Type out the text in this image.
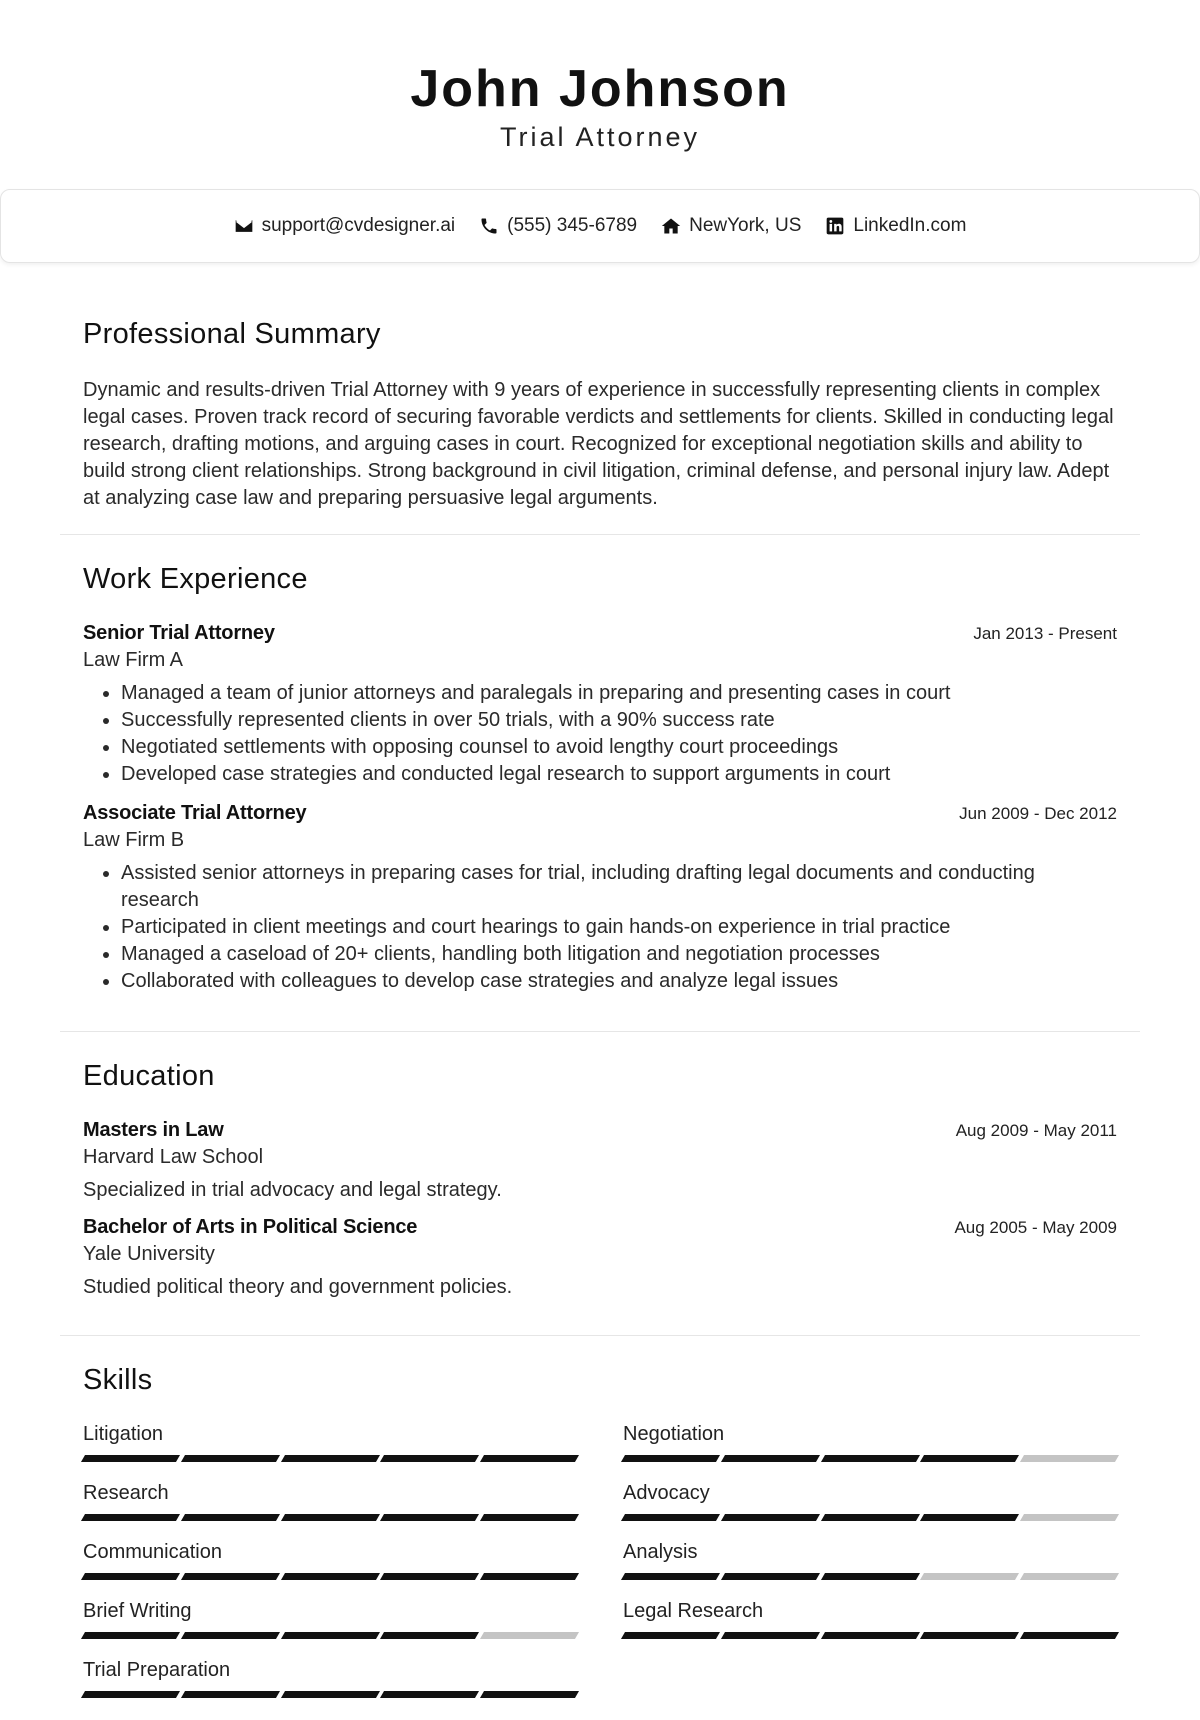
John Johnson
Trial Attorney
support@cvdesigner.ai	(555) 345-6789	NewYork, US	LinkedIn.com
Professional Summary

Dynamic and results-driven Trial Attorney with 9 years of experience in successfully representing clients in complex legal cases. Proven track record of securing favorable verdicts and settlements for clients. Skilled in conducting legal research, drafting motions, and arguing cases in court. Recognized for exceptional negotiation skills and ability to build strong client relationships. Strong background in civil litigation, criminal defense, and personal injury law. Adept at analyzing case law and preparing persuasive legal arguments.

Work Experience
Senior Trial Attorney	Jan 2013 - Present
Law Firm A
• Managed a team of junior attorneys and paralegals in preparing and presenting cases in court
• Successfully represented clients in over 50 trials, with a 90% success rate
• Negotiated settlements with opposing counsel to avoid lengthy court proceedings
• Developed case strategies and conducted legal research to support arguments in court
Associate Trial Attorney	Jun 2009 - Dec 2012
Law Firm B
• Assisted senior attorneys in preparing cases for trial, including drafting legal documents and conducting research
• Participated in client meetings and court hearings to gain hands-on experience in trial practice
• Managed a caseload of 20+ clients, handling both litigation and negotiation processes
• Collaborated with colleagues to develop case strategies and analyze legal issues
Education
Masters in Law	Aug 2009 - May 2011
Harvard Law School
Specialized in trial advocacy and legal strategy.
Bachelor of Arts in Political Science	Aug 2005 - May 2009
Yale University
Studied political theory and government policies.
Skills
Litigation	Negotiation
Research	Advocacy
Communication	Analysis
Brief Writing	Legal Research
Trial Preparation
